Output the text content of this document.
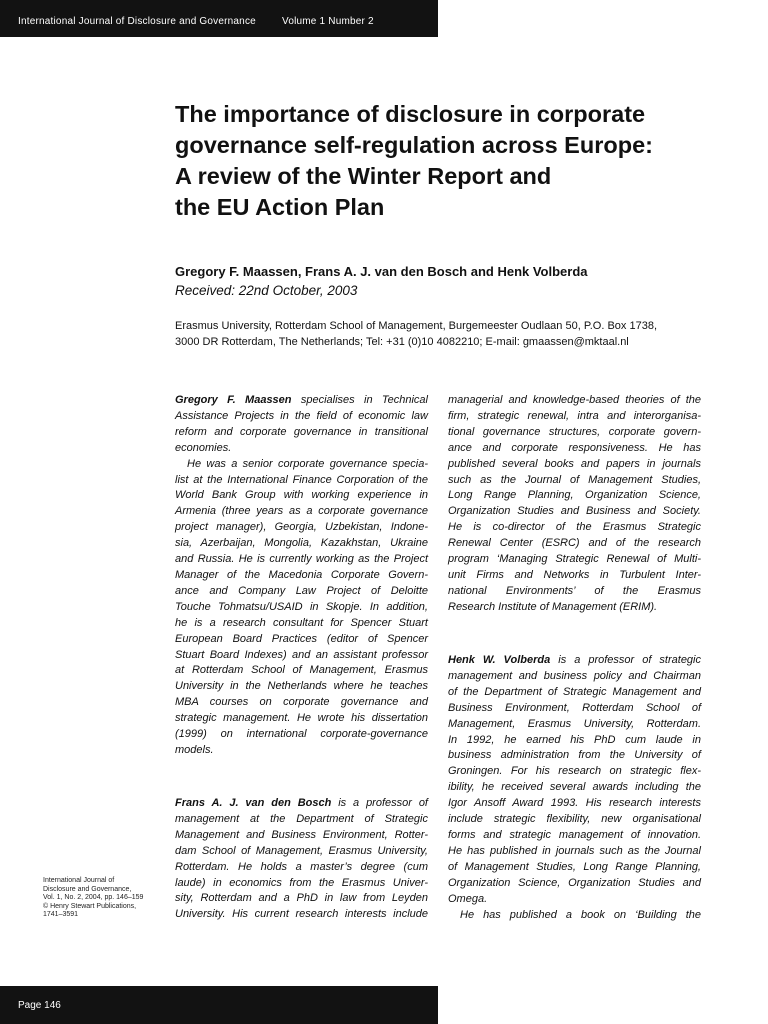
International Journal of Disclosure and Governance	Volume 1 Number 2
The importance of disclosure in corporate
governance self-regulation across Europe:
A review of the Winter Report and
the EU Action Plan
Gregory F. Maassen, Frans A. J. van den Bosch and Henk Volberda
Received: 22nd October, 2003
Erasmus University, Rotterdam School of Management, Burgemeester Oudlaan 50, P.O. Box 1738,
3000 DR Rotterdam, The Netherlands; Tel: +31 (0)10 4082210; E-mail: gmaassen@mktaal.nl

Gregory F. Maassen specialises in Technical
Assistance Projects in the field of economic law
reform and corporate governance in transitional
economies.

He was a senior corporate governance specia-
list at the International Finance Corporation of the
World Bank Group with working experience in
Armenia (three years as a corporate governance
project manager), Georgia, Uzbekistan, Indone-
sia, Azerbaijan, Mongolia, Kazakhstan, Ukraine
and Russia. He is currently working as the Project
Manager of the Macedonia Corporate Govern-
ance and Company Law Project of Deloitte
Touche Tohmatsu/USAID in Skopje. In addition,
he is a research consultant for Spencer Stuart
European Board Practices (editor of Spencer
Stuart Board Indexes) and an assistant professor
at Rotterdam School of Management, Erasmus
University in the Netherlands where he teaches
MBA courses on corporate governance and
strategic management. He wrote his dissertation
(1999) on international corporate-governance
models.

Frans A. J. van den Bosch is a professor of
management at the Department of Strategic
Management and Business Environment, Rotter-
dam School of Management, Erasmus University,
Rotterdam. He holds a master’s degree (cum
laude) in economics from the Erasmus Univer-
sity, Rotterdam and a PhD in law from Leyden
University. His current research interests include

managerial and knowledge-based theories of the
firm, strategic renewal, intra and interorganisa-
tional governance structures, corporate govern-
ance and corporate responsiveness. He has
published several books and papers in journals
such as the Journal of Management Studies,
Long Range Planning, Organization Science,
Organization Studies and Business and Society.
He is co-director of the Erasmus Strategic
Renewal Center (ESRC) and of the research
program ‘Managing Strategic Renewal of Multi-
unit Firms and Networks in Turbulent Inter-
national Environments’ of the Erasmus
Research Institute of Management (ERIM).

Henk W. Volberda is a professor of strategic
management and business policy and Chairman
of the Department of Strategic Management and
Business Environment, Rotterdam School of
Management, Erasmus University, Rotterdam.
In 1992, he earned his PhD cum laude in
business administration from the University of
Groningen. For his research on strategic flex-
ibility, he received several awards including the
Igor Ansoff Award 1993. His research interests
include strategic flexibility, new organisational
forms and strategic management of innovation.
He has published in journals such as the Journal
of Management Studies, Long Range Planning,
Organization Science, Organization Studies and
Omega.

He has published a book on ‘Building the

International Journal of
Disclosure and Governance,
Vol. 1, No. 2, 2004, pp. 146–159
© Henry Stewart Publications,
1741–3591
Page 146
